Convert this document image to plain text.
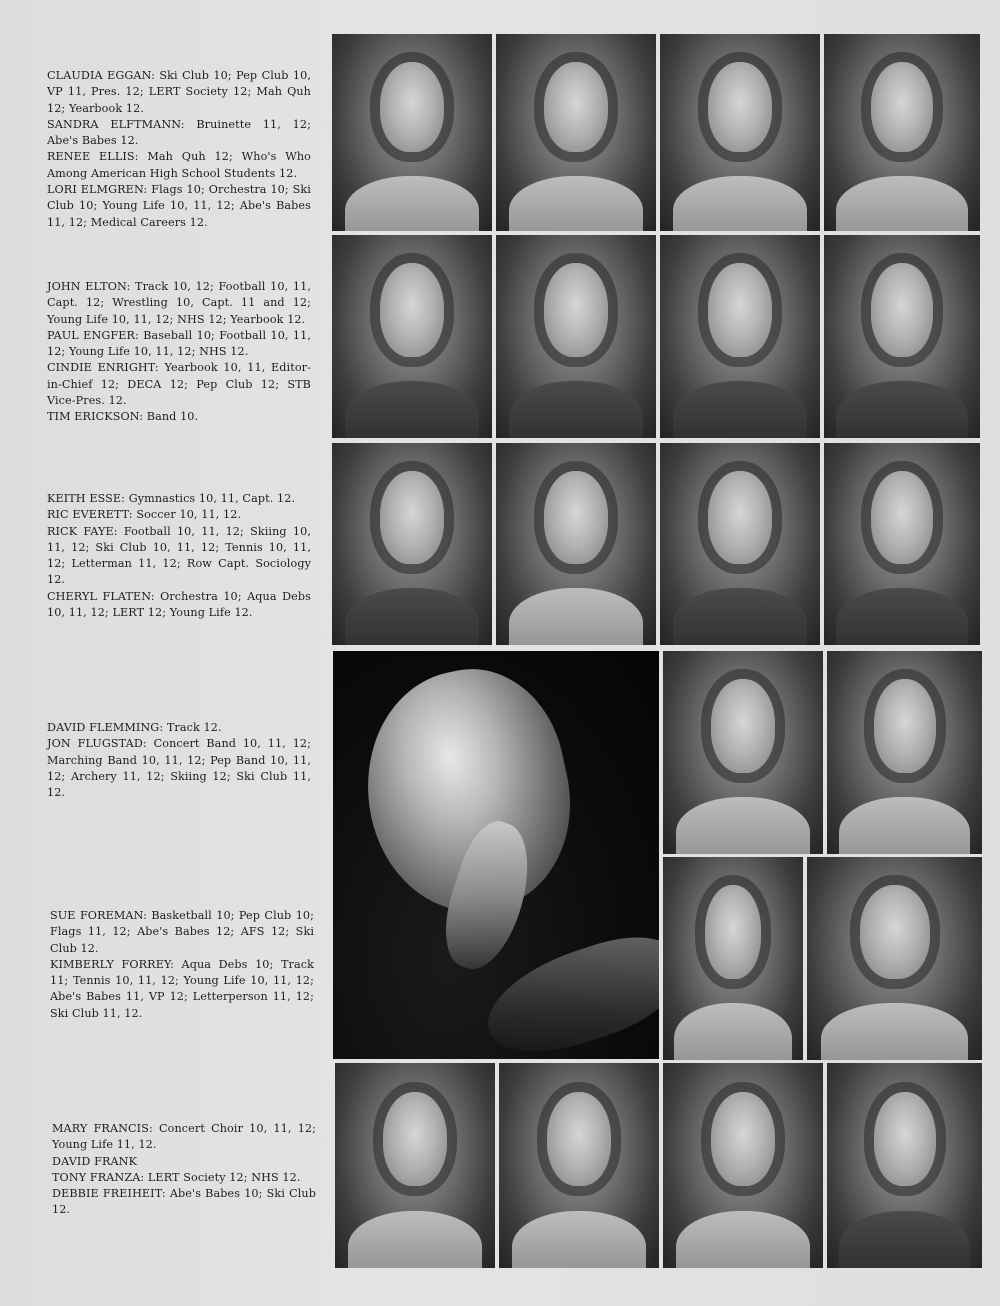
CLAUDIA EGGAN: Ski Club 10; Pep Club 10, VP 11, Pres. 12; LERT Society 12; Mah Quh 12; Yearbook 12.

SANDRA ELFTMANN: Bruinette 11, 12; Abe's Babes 12.

RENEE ELLIS: Mah Quh 12; Who's Who Among American High School Students 12.

LORI ELMGREN: Flags 10; Orchestra 10; Ski Club 10; Young Life 10, 11, 12; Abe's Babes 11, 12; Medical Careers 12.

JOHN ELTON: Track 10, 12; Football 10, 11, Capt. 12; Wrestling 10, Capt. 11 and 12; Young Life 10, 11, 12; NHS 12; Yearbook 12.

PAUL ENGFER: Baseball 10; Football 10, 11, 12; Young Life 10, 11, 12; NHS 12.

CINDIE ENRIGHT: Yearbook 10, 11, Editor-in-Chief 12; DECA 12; Pep Club 12; STB Vice-Pres. 12.

TIM ERICKSON: Band 10.

KEITH ESSE: Gymnastics 10, 11, Capt. 12.

RIC EVERETT: Soccer 10, 11, 12.

RICK FAYE: Football 10, 11, 12; Skiing 10, 11, 12; Ski Club 10, 11, 12; Tennis 10, 11, 12; Letterman 11, 12; Row Capt. Sociology 12.

CHERYL FLATEN: Orchestra 10; Aqua Debs 10, 11, 12; LERT 12; Young Life 12.

DAVID FLEMMING: Track 12.

JON FLUGSTAD: Concert Band 10, 11, 12; Marching Band 10, 11, 12; Pep Band 10, 11, 12; Archery 11, 12; Skiing 12; Ski Club 11, 12.

SUE FOREMAN: Basketball 10; Pep Club 10; Flags 11, 12; Abe's Babes 12; AFS 12; Ski Club 12.

KIMBERLY FORREY: Aqua Debs 10; Track 11; Tennis 10, 11, 12; Young Life 10, 11, 12; Abe's Babes 11, VP 12; Letterperson 11, 12; Ski Club 11, 12.

MARY FRANCIS: Concert Choir 10, 11, 12; Young Life 11, 12.

DAVID FRANK

TONY FRANZA: LERT Society 12; NHS 12.

DEBBIE FREIHEIT: Abe's Babes 10; Ski Club 12.
